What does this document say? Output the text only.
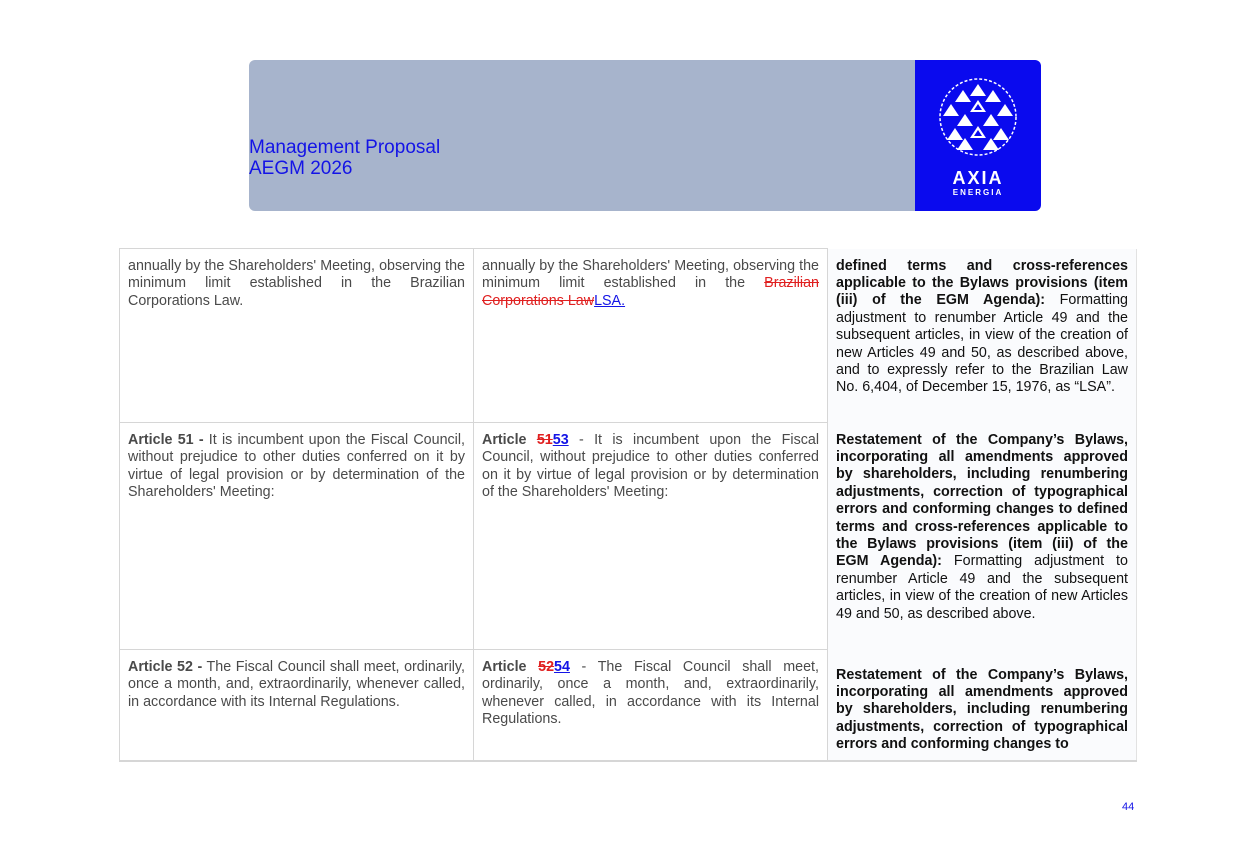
Management Proposal
AEGM 2026	AXIA
ENERGIA
annually by the Shareholders' Meeting, observing the minimum limit established in the Brazilian Corporations Law.	annually by the Shareholders' Meeting, observing the minimum limit established in the Brazilian Corporations LawLSA.	defined terms and cross-references applicable to the Bylaws provisions (item (iii) of the EGM Agenda): Formatting adjustment to renumber Article 49 and the subsequent articles, in view of the creation of new Articles 49 and 50, as described above, and to expressly refer to the Brazilian Law No. 6,404, of December 15, 1976, as “LSA”.
Article 51 - It is incumbent upon the Fiscal Council, without prejudice to other duties conferred on it by virtue of legal provision or by determination of the Shareholders' Meeting:	Article 5153 - It is incumbent upon the Fiscal Council, without prejudice to other duties conferred on it by virtue of legal provision or by determination of the Shareholders' Meeting:	Restatement of the Company’s Bylaws, incorporating all amendments approved by shareholders, including renumbering adjustments, correction of typographical errors and conforming changes to defined terms and cross-references applicable to the Bylaws provisions (item (iii) of the EGM Agenda): Formatting adjustment to renumber Article 49 and the subsequent articles, in view of the creation of new Articles 49 and 50, as described above.
Article 52 - The Fiscal Council shall meet, ordinarily, once a month, and, extraordinarily, whenever called, in accordance with its Internal Regulations.	Article 5254 - The Fiscal Council shall meet, ordinarily, once a month, and, extraordinarily, whenever called, in accordance with its Internal Regulations.	Restatement of the Company’s Bylaws, incorporating all amendments approved by shareholders, including renumbering adjustments, correction of typographical errors and conforming changes to
44
